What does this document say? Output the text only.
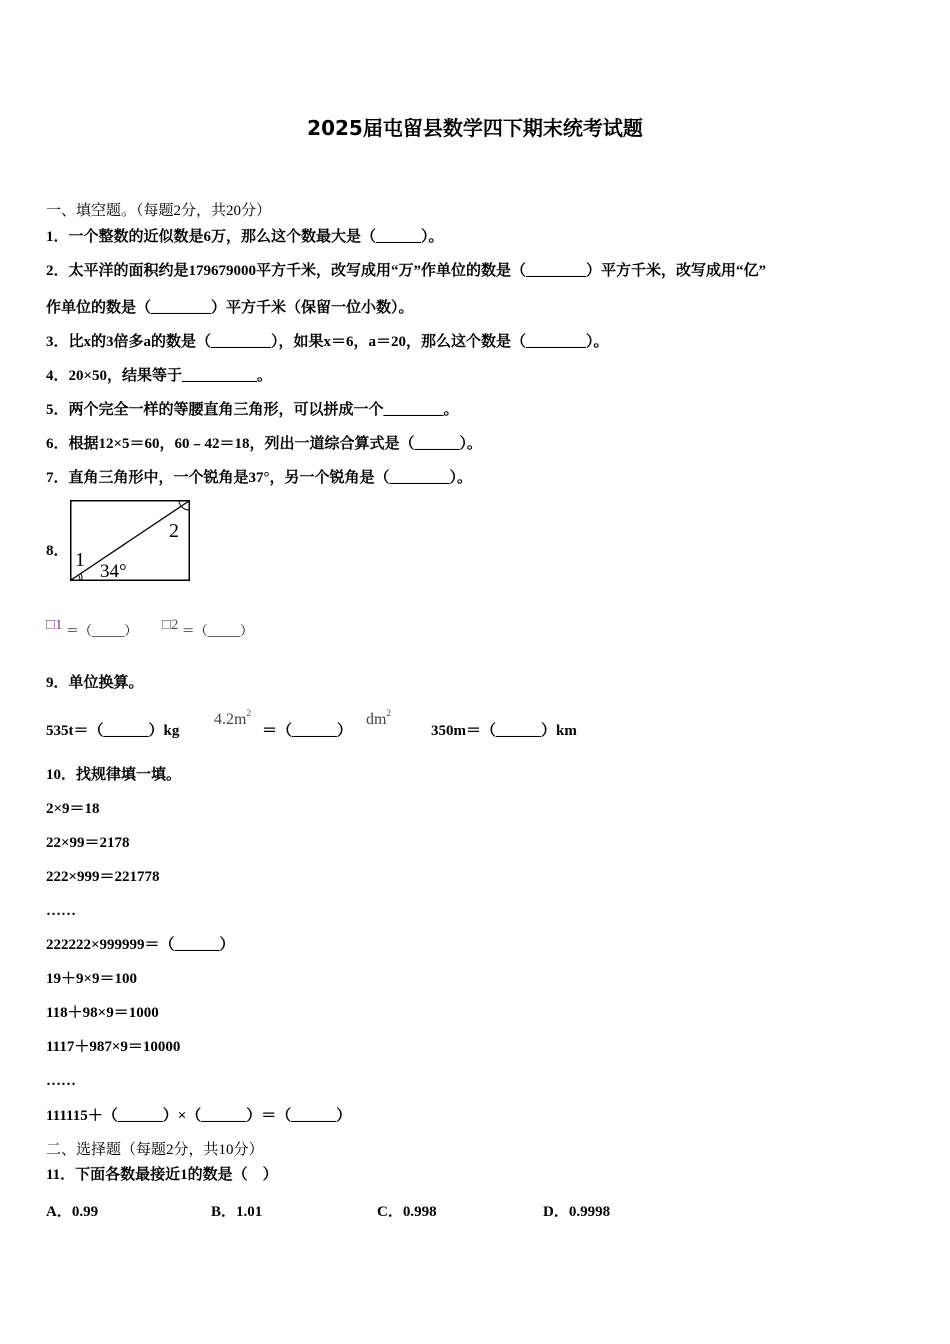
2025届屯留县数学四下期末统考试题
一、填空题。（每题2分，共20分）
1．一个整数的近似数是6万，那么这个数最大是（______）。
2．太平洋的面积约是179679000平方千米，改写成用“万”作单位的数是（________）平方千米，改写成用“亿”
作单位的数是（________）平方千米（保留一位小数）。
3．比x的3倍多a的数是（________），如果x＝6，a＝20，那么这个数是（________）。
4．20×50，结果等于__________。
5．两个完全一样的等腰直角三角形，可以拼成一个________。
6．根据12×5＝60，60﹣42＝18，列出一道综合算式是（______）。
7．直角三角形中，一个锐角是37°，另一个锐角是（________）。
8． 1
2
34°
□1 ＝（_____） □2 ＝（_____）
9．单位换算。
535t＝（______）kg
$4.2m^2$
＝（______）
$dm^2$
350m＝（______）km
10．找规律填一填。
2×9＝18
22×99＝2178
222×999＝221778
……
222222×999999＝（______）
19＋9×9＝100
118＋98×9＝1000
1117＋987×9＝10000
……
111115＋（______）×（______）＝（______）
二、选择题（每题2分，共10分）
11．下面各数最接近1的数是（　）
A．0.99	B．1.01	C．0.998	D．0.9998
